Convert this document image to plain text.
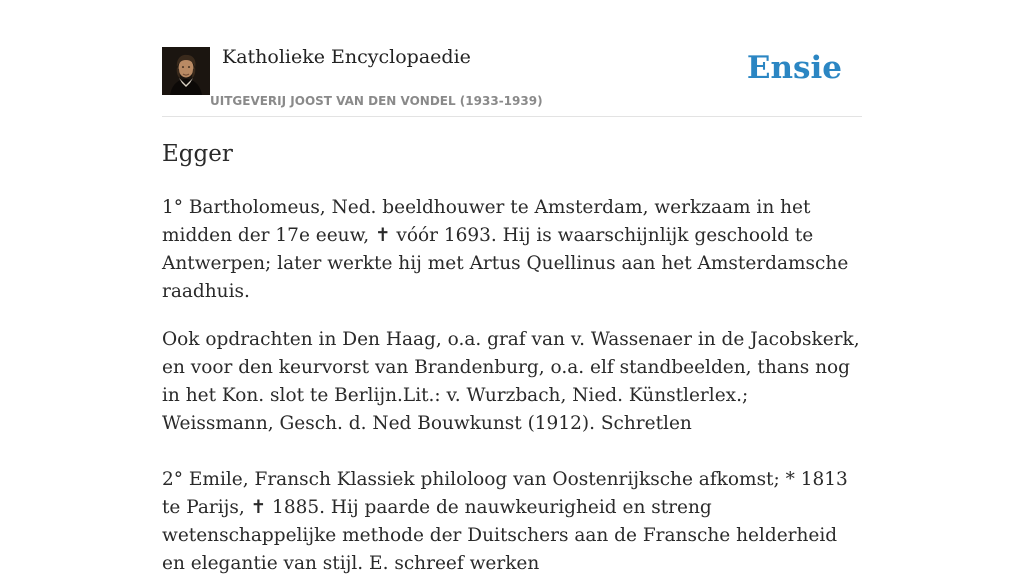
Katholieke Encyclopaedie
UITGEVERIJ JOOST VAN DEN VONDEL (1933-1939)
Ensie
Egger

1° Bartholomeus, Ned. beeldhouwer te Amsterdam, werkzaam in het midden der 17e eeuw, ✝ vóór 1693. Hij is waarschijnlijk geschoold te Antwerpen; later werkte hij met Artus Quellinus aan het Amsterdamsche raadhuis.

Ook opdrachten in Den Haag, o.a. graf van v. Wassenaer in de Jacobskerk, en voor den keurvorst van Brandenburg, o.a. elf standbeelden, thans nog in het Kon. slot te Berlijn.Lit.: v. Wurzbach, Nied. Künstlerlex.; Weissmann, Gesch. d. Ned Bouwkunst (1912). Schretlen

2° Emile, Fransch Klassiek philoloog van Oostenrijksche afkomst; * 1813 te Parijs, ✝ 1885. Hij paarde de nauwkeurigheid en streng wetenschappelijke methode der Duitschers aan de Fransche helderheid en elegantie van stijl. E. schreef werken
